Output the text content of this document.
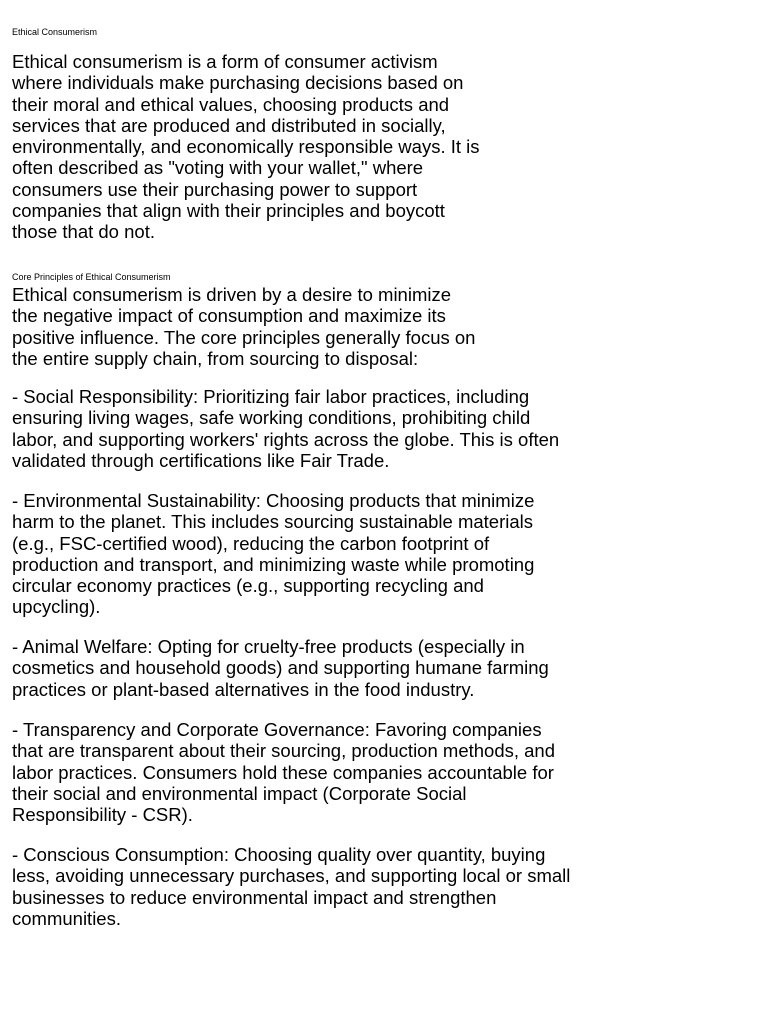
Ethical Consumerism

Ethical consumerism is a form of consumer activism
where individuals make purchasing decisions based on
their moral and ethical values, choosing products and
services that are produced and distributed in socially,
environmentally, and economically responsible ways. It is
often described as "voting with your wallet," where
consumers use their purchasing power to support
companies that align with their principles and boycott
those that do not.

Core Principles of Ethical Consumerism

Ethical consumerism is driven by a desire to minimize
the negative impact of consumption and maximize its
positive influence. The core principles generally focus on
the entire supply chain, from sourcing to disposal:

- Social Responsibility: Prioritizing fair labor practices, including
ensuring living wages, safe working conditions, prohibiting child
labor, and supporting workers' rights across the globe. This is often
validated through certifications like Fair Trade.

- Environmental Sustainability: Choosing products that minimize
harm to the planet. This includes sourcing sustainable materials
(e.g., FSC-certified wood), reducing the carbon footprint of
production and transport, and minimizing waste while promoting
circular economy practices (e.g., supporting recycling and
upcycling).

- Animal Welfare: Opting for cruelty-free products (especially in
cosmetics and household goods) and supporting humane farming
practices or plant-based alternatives in the food industry.

- Transparency and Corporate Governance: Favoring companies
that are transparent about their sourcing, production methods, and
labor practices. Consumers hold these companies accountable for
their social and environmental impact (Corporate Social
Responsibility - CSR).

- Conscious Consumption: Choosing quality over quantity, buying
less, avoiding unnecessary purchases, and supporting local or small
businesses to reduce environmental impact and strengthen
communities.
